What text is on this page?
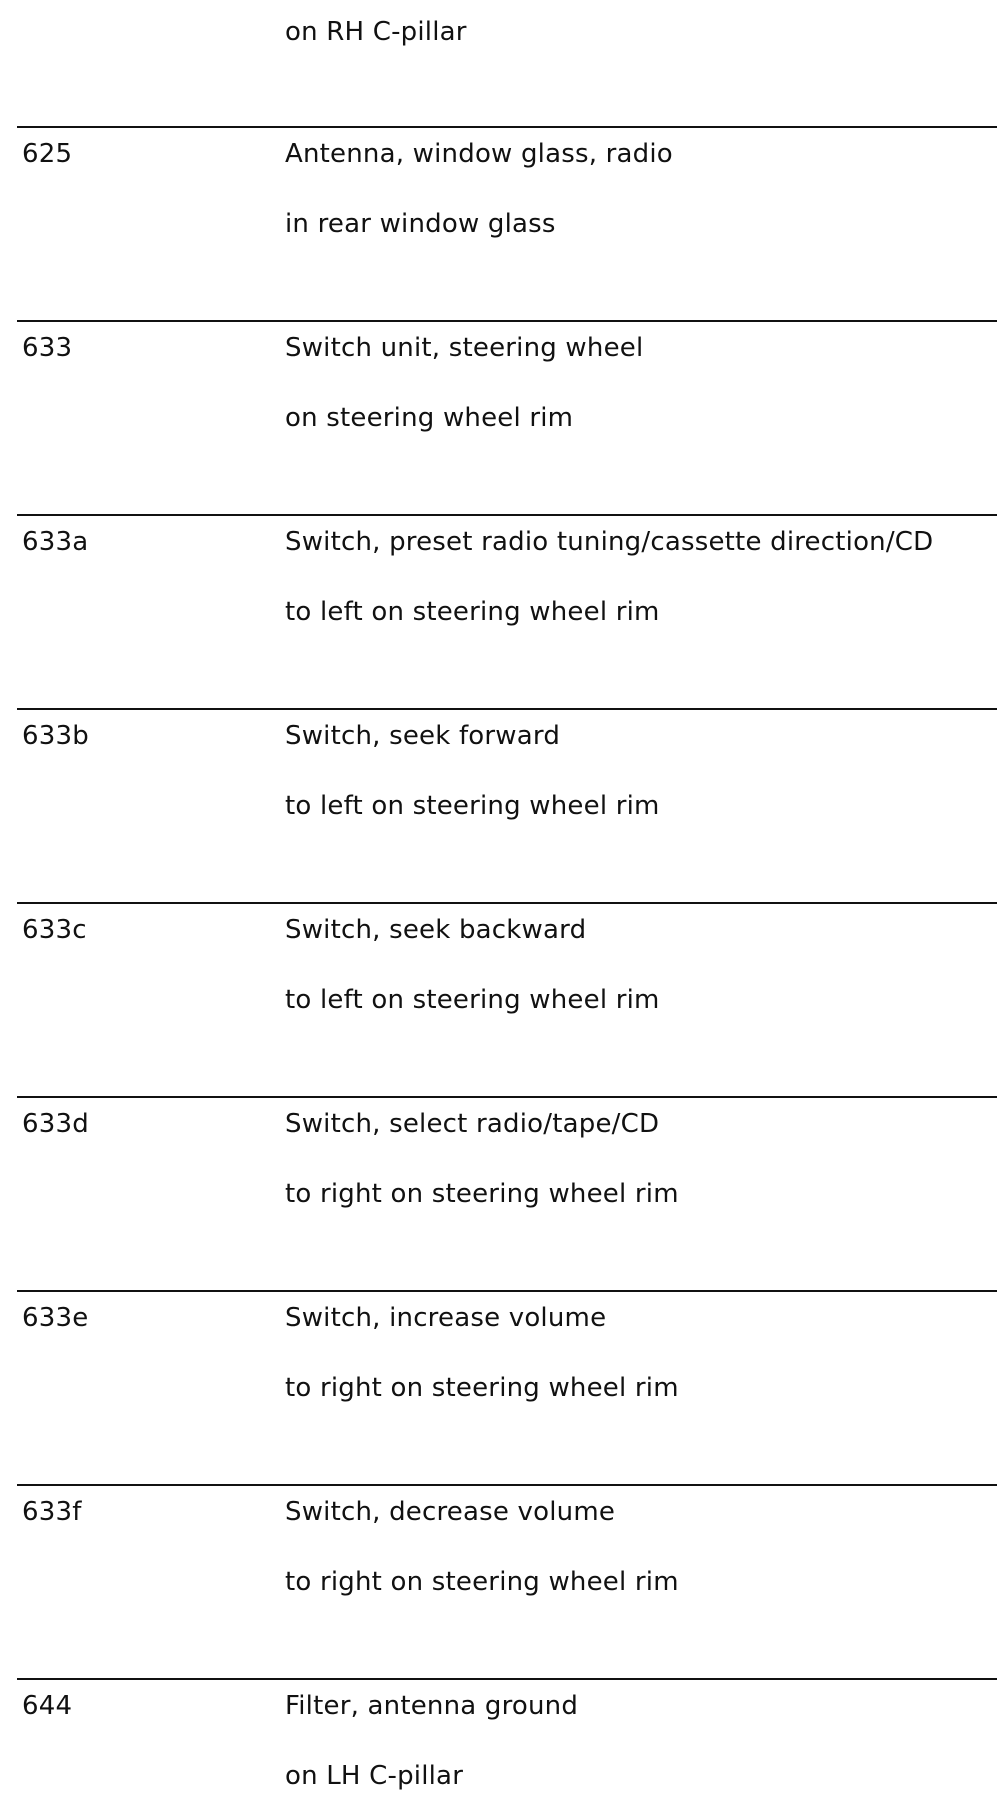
on RH C-pillar
625	Antenna, window glass, radio
in rear window glass
633	Switch unit, steering wheel
on steering wheel rim
633a	Switch, preset radio tuning/cassette direction/CD
to left on steering wheel rim
633b	Switch, seek forward
to left on steering wheel rim
633c	Switch, seek backward
to left on steering wheel rim
633d	Switch, select radio/tape/CD
to right on steering wheel rim
633e	Switch, increase volume
to right on steering wheel rim
633f	Switch, decrease volume
to right on steering wheel rim
644	Filter, antenna ground
on LH C-pillar
